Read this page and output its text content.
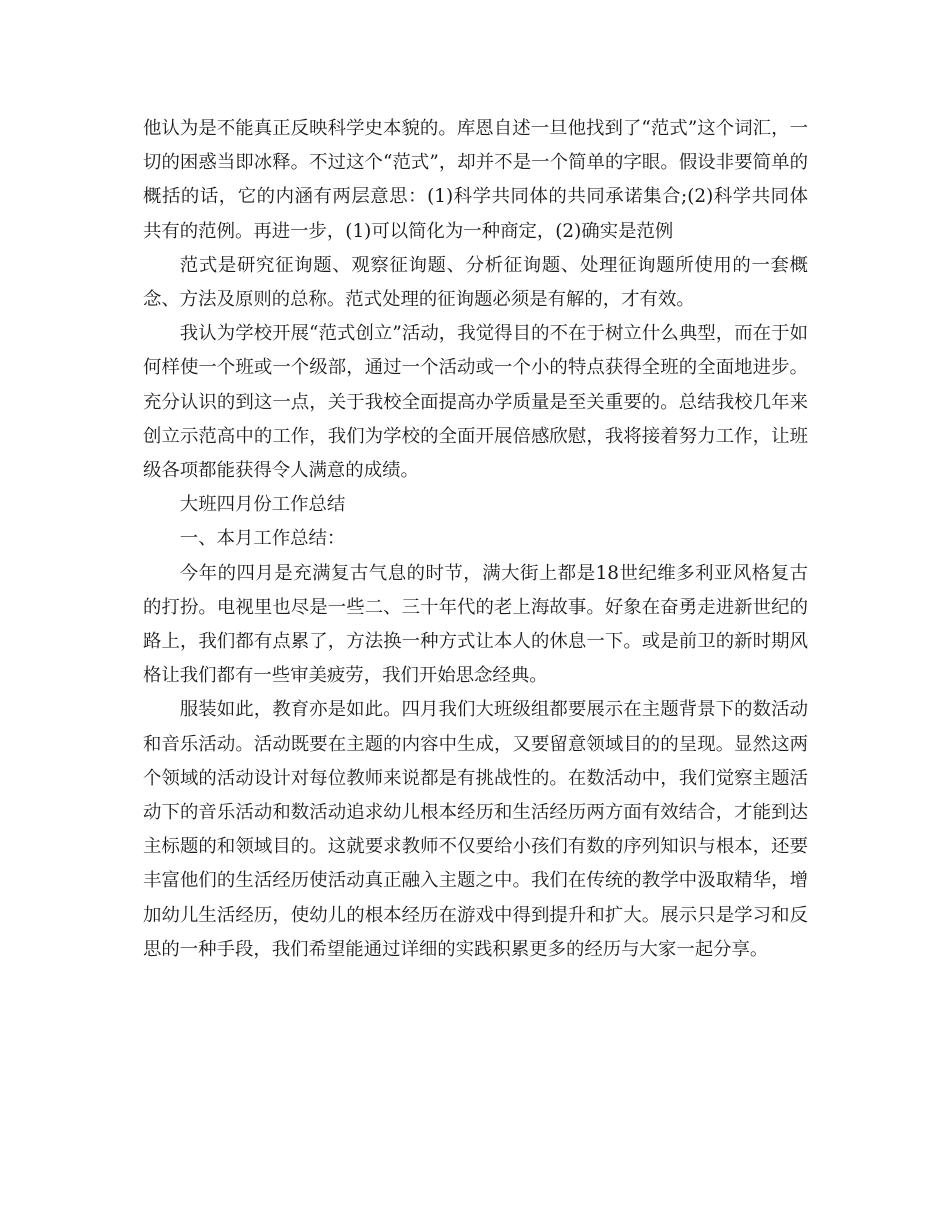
他认为是不能真正反映科学史本貌的。库恩自述一旦他找到了“范式”这个词汇，一切的困惑当即冰释。不过这个“范式”，却并不是一个简单的字眼。假设非要简单的概括的话，它的内涵有两层意思：(1)科学共同体的共同承诺集合;(2)科学共同体共有的范例。再进一步，(1)可以简化为一种商定，(2)确实是范例

范式是研究征询题、观察征询题、分析征询题、处理征询题所使用的一套概念、方法及原则的总称。范式处理的征询题必须是有解的，才有效。

我认为学校开展“范式创立”活动，我觉得目的不在于树立什么典型，而在于如何样使一个班或一个级部，通过一个活动或一个小的特点获得全班的全面地进步。充分认识的到这一点，关于我校全面提高办学质量是至关重要的。总结我校几年来创立示范高中的工作，我们为学校的全面开展倍感欣慰，我将接着努力工作，让班级各项都能获得令人满意的成绩。

大班四月份工作总结

一、本月工作总结：

今年的四月是充满复古气息的时节，满大街上都是18世纪维多利亚风格复古的打扮。电视里也尽是一些二、三十年代的老上海故事。好象在奋勇走进新世纪的路上，我们都有点累了，方法换一种方式让本人的休息一下。或是前卫的新时期风格让我们都有一些审美疲劳，我们开始思念经典。

服装如此，教育亦是如此。四月我们大班级组都要展示在主题背景下的数活动和音乐活动。活动既要在主题的内容中生成，又要留意领域目的的呈现。显然这两个领域的活动设计对每位教师来说都是有挑战性的。在数活动中，我们觉察主题活动下的音乐活动和数活动追求幼儿根本经历和生活经历两方面有效结合，才能到达主标题的和领域目的。这就要求教师不仅要给小孩们有数的序列知识与根本，还要丰富他们的生活经历使活动真正融入主题之中。我们在传统的教学中汲取精华，增加幼儿生活经历，使幼儿的根本经历在游戏中得到提升和扩大。展示只是学习和反思的一种手段，我们希望能通过详细的实践积累更多的经历与大家一起分享。
